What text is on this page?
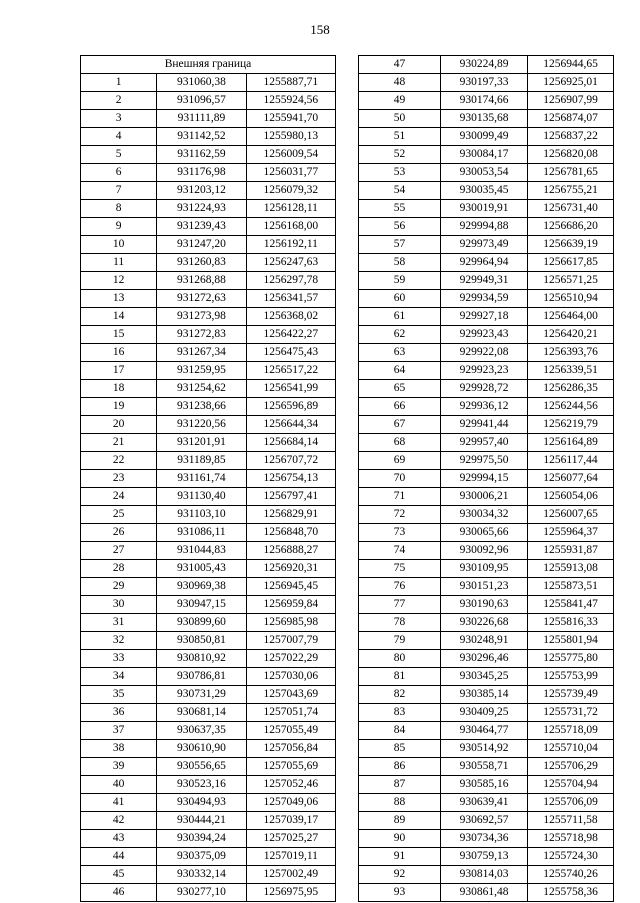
158
Внешняя граница		
1	931060,38	1255887,71
2	931096,57	1255924,56
3	931111,89	1255941,70
4	931142,52	1255980,13
5	931162,59	1256009,54
6	931176,98	1256031,77
7	931203,12	1256079,32
8	931224,93	1256128,11
9	931239,43	1256168,00
10	931247,20	1256192,11
11	931260,83	1256247,63
12	931268,88	1256297,78
13	931272,63	1256341,57
14	931273,98	1256368,02
15	931272,83	1256422,27
16	931267,34	1256475,43
17	931259,95	1256517,22
18	931254,62	1256541,99
19	931238,66	1256596,89
20	931220,56	1256644,34
21	931201,91	1256684,14
22	931189,85	1256707,72
23	931161,74	1256754,13
24	931130,40	1256797,41
25	931103,10	1256829,91
26	931086,11	1256848,70
27	931044,83	1256888,27
28	931005,43	1256920,31
29	930969,38	1256945,45
30	930947,15	1256959,84
31	930899,60	1256985,98
32	930850,81	1257007,79
33	930810,92	1257022,29
34	930786,81	1257030,06
35	930731,29	1257043,69
36	930681,14	1257051,74
37	930637,35	1257055,49
38	930610,90	1257056,84
39	930556,65	1257055,69
40	930523,16	1257052,46
41	930494,93	1257049,06
42	930444,21	1257039,17
43	930394,24	1257025,27
44	930375,09	1257019,11
45	930332,14	1257002,49
46	930277,10	1256975,95
47	930224,89	1256944,65
48	930197,33	1256925,01
49	930174,66	1256907,99
50	930135,68	1256874,07
51	930099,49	1256837,22
52	930084,17	1256820,08
53	930053,54	1256781,65
54	930035,45	1256755,21
55	930019,91	1256731,40
56	929994,88	1256686,20
57	929973,49	1256639,19
58	929964,94	1256617,85
59	929949,31	1256571,25
60	929934,59	1256510,94
61	929927,18	1256464,00
62	929923,43	1256420,21
63	929922,08	1256393,76
64	929923,23	1256339,51
65	929928,72	1256286,35
66	929936,12	1256244,56
67	929941,44	1256219,79
68	929957,40	1256164,89
69	929975,50	1256117,44
70	929994,15	1256077,64
71	930006,21	1256054,06
72	930034,32	1256007,65
73	930065,66	1255964,37
74	930092,96	1255931,87
75	930109,95	1255913,08
76	930151,23	1255873,51
77	930190,63	1255841,47
78	930226,68	1255816,33
79	930248,91	1255801,94
80	930296,46	1255775,80
81	930345,25	1255753,99
82	930385,14	1255739,49
83	930409,25	1255731,72
84	930464,77	1255718,09
85	930514,92	1255710,04
86	930558,71	1255706,29
87	930585,16	1255704,94
88	930639,41	1255706,09
89	930692,57	1255711,58
90	930734,36	1255718,98
91	930759,13	1255724,30
92	930814,03	1255740,26
93	930861,48	1255758,36
